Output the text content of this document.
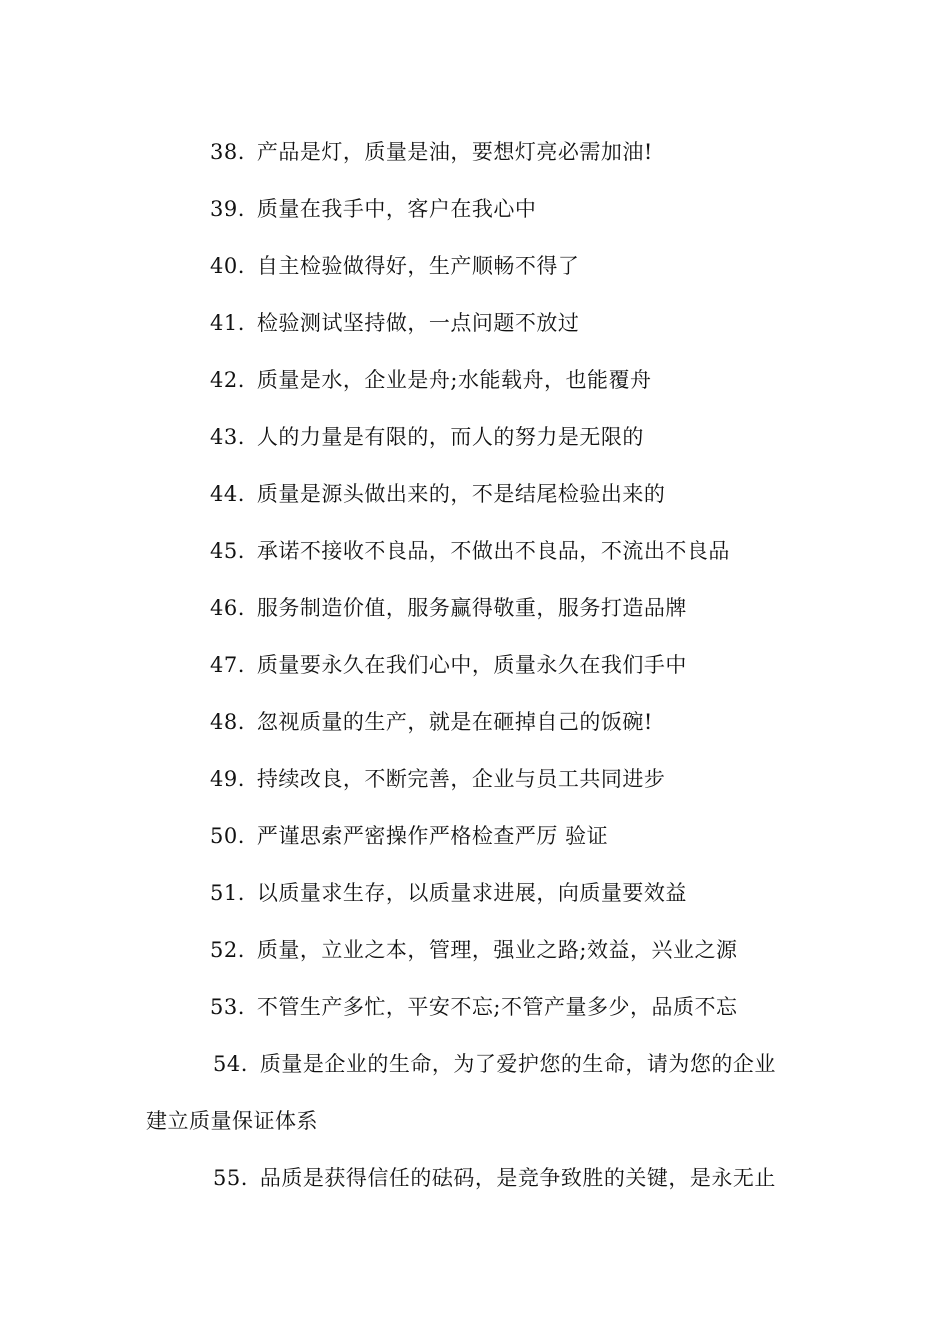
38. 产品是灯，质量是油，要想灯亮必需加油!
39. 质量在我手中，客户在我心中
40. 自主检验做得好，生产顺畅不得了
41. 检验测试坚持做，一点问题不放过
42. 质量是水，企业是舟;水能载舟，也能覆舟
43. 人的力量是有限的，而人的努力是无限的
44. 质量是源头做出来的，不是结尾检验出来的
45. 承诺不接收不良品，不做出不良品，不流出不良品
46. 服务制造价值，服务赢得敬重，服务打造品牌
47. 质量要永久在我们心中，质量永久在我们手中
48. 忽视质量的生产，就是在砸掉自己的饭碗!
49. 持续改良，不断完善，企业与员工共同进步
50. 严谨思索严密操作严格检查严厉 验证
51. 以质量求生存，以质量求进展，向质量要效益
52. 质量，立业之本，管理，强业之路;效益，兴业之源
53. 不管生产多忙，平安不忘;不管产量多少，品质不忘
54. 质量是企业的生命，为了爱护您的生命，请为您的企业
建立质量保证体系
55. 品质是获得信任的砝码，是竞争致胜的关键，是永无止
